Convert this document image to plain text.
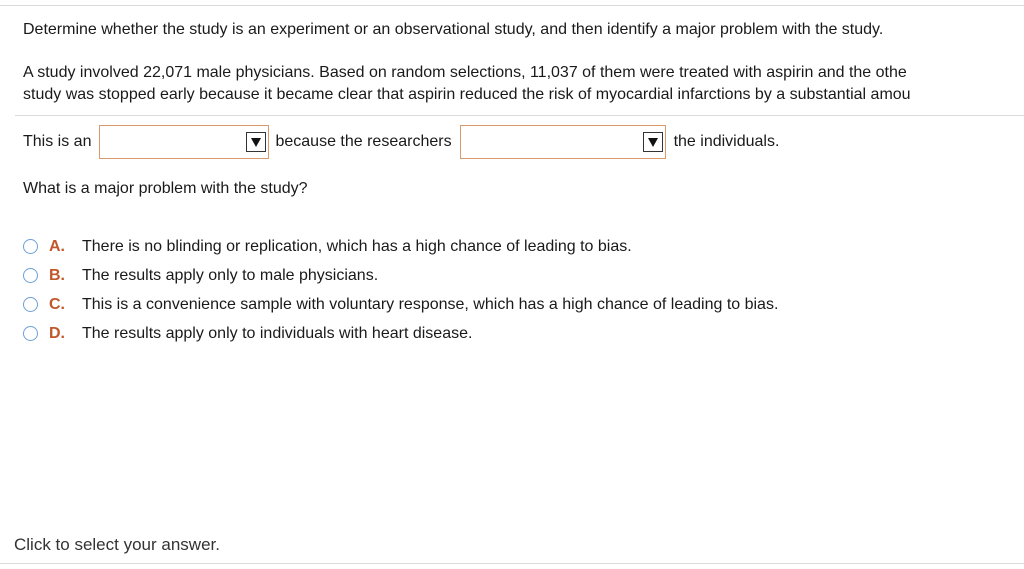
Determine whether the study is an experiment or an observational study, and then identify a major problem with the study.
A study involved 22,071 male physicians. Based on random selections, 11,037 of them were treated with aspirin and the othe
study was stopped early because it became clear that aspirin reduced the risk of myocardial infarctions by a substantial amou
This is an	because the researchers	the individuals.
What is a major problem with the study?
A.	There is no blinding or replication, which has a high chance of leading to bias.
B.	The results apply only to male physicians.
C.	This is a convenience sample with voluntary response, which has a high chance of leading to bias.
D.	The results apply only to individuals with heart disease.
Click to select your answer.
